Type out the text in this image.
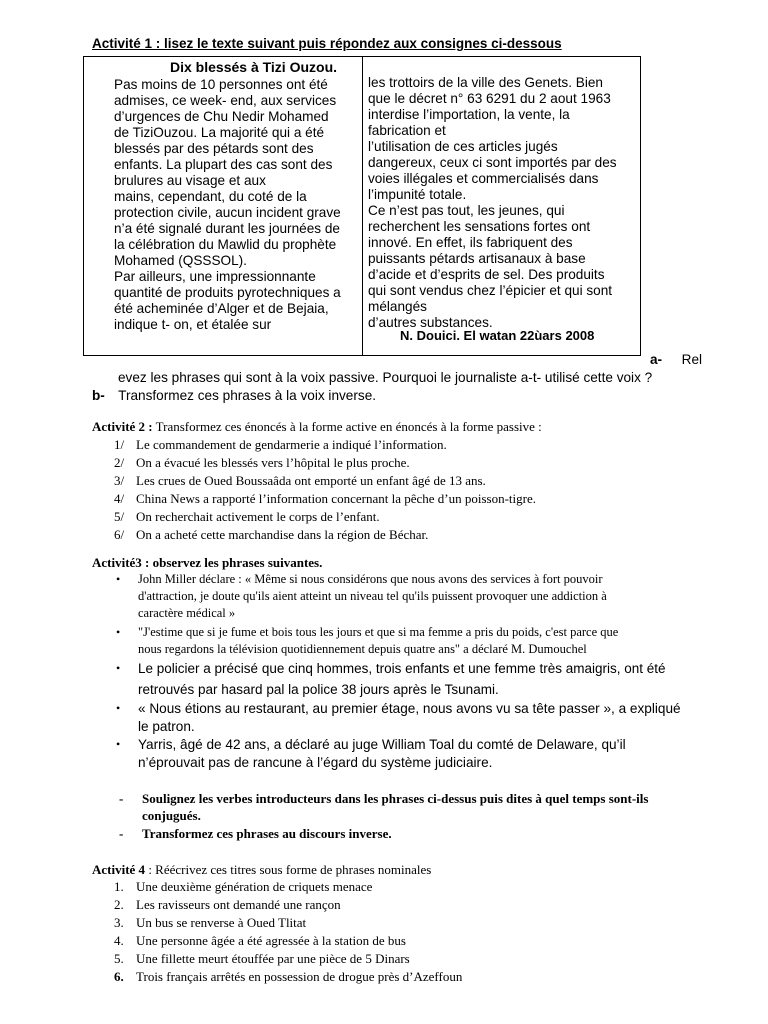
Activité 1 : lisez le texte suivant puis répondez aux consignes ci-dessous
Dix blessés à Tizi Ouzou.
Pas moins de 10 personnes ont été
admises, ce week- end, aux services
d’urgences de Chu Nedir Mohamed
de TiziOuzou. La majorité qui a été
blessés par des pétards sont des
enfants. La plupart des cas sont des
brulures au visage et aux
mains, cependant, du coté de la
protection civile, aucun incident grave
n’a été signalé durant les journées de
la célébration du Mawlid du prophète
Mohamed (QSSSOL).
Par ailleurs, une impressionnante
quantité de produits pyrotechniques a
été acheminée d’Alger et de Bejaia,
indique t- on, et étalée sur
les trottoirs de la ville des Genets. Bien
que le décret n° 63 6291 du 2 aout 1963
interdise l’importation, la vente, la
fabrication et
l’utilisation de ces articles jugés
dangereux, ceux ci sont importés par des
voies illégales et commercialisés dans
l’impunité totale.
Ce n’est pas tout, les jeunes, qui
recherchent les sensations fortes ont
innové. En effet, ils fabriquent des
puissants pétards artisanaux à base
d’acide et d’esprits de sel. Des produits
qui sont vendus chez l’épicier et qui sont
mélangés
d’autres substances.
N. Douici. El watan 22ùars 2008
a- Rel
evez les phrases qui sont à la voix passive. Pourquoi le journaliste a-t- utilisé cette voix ?
b- Transformez ces phrases à la voix inverse.
Activité 2 : Transformez ces énoncés à la forme active en énoncés à la forme passive :
1/ Le commandement de gendarmerie a indiqué l’information.
2/ On a évacué les blessés vers l’hôpital le plus proche.
3/ Les crues de Oued Boussaâda ont emporté un enfant âgé de 13 ans.
4/ China News a rapporté l’information concernant la pêche d’un poisson-tigre.
5/ On recherchait activement le corps de l’enfant.
6/ On a acheté cette marchandise dans la région de Béchar.
Activité3 : observez les phrases suivantes.
• John Miller déclare : « Même si nous considérons que nous avons des services à fort pouvoir
d'attraction, je doute qu'ils aient atteint un niveau tel qu'ils puissent provoquer une addiction à
caractère médical »
• "J'estime que si je fume et bois tous les jours et que si ma femme a pris du poids, c'est parce que
nous regardons la télévision quotidiennement depuis quatre ans" a déclaré M. Dumouchel
• Le policier a précisé que cinq hommes, trois enfants et une femme très amaigris, ont été
retrouvés par hasard pal la police 38 jours après le Tsunami.
• « Nous étions au restaurant, au premier étage, nous avons vu sa tête passer », a expliqué
le patron.
• Yarris, âgé de 42 ans, a déclaré au juge William Toal du comté de Delaware, qu’il
n’éprouvait pas de rancune à l’égard du système judiciaire.
- Soulignez les verbes introducteurs dans les phrases ci-dessus puis dites à quel temps sont-ils
conjugués.
- Transformez ces phrases au discours inverse.
Activité 4 : Réécrivez ces titres sous forme de phrases nominales
1. Une deuxième génération de criquets menace
2. Les ravisseurs ont demandé une rançon
3. Un bus se renverse à Oued Tlitat
4. Une personne âgée a été agressée à la station de bus
5. Une fillette meurt étouffée par une pièce de 5 Dinars
6. Trois français arrêtés en possession de drogue près d’Azeffoun
